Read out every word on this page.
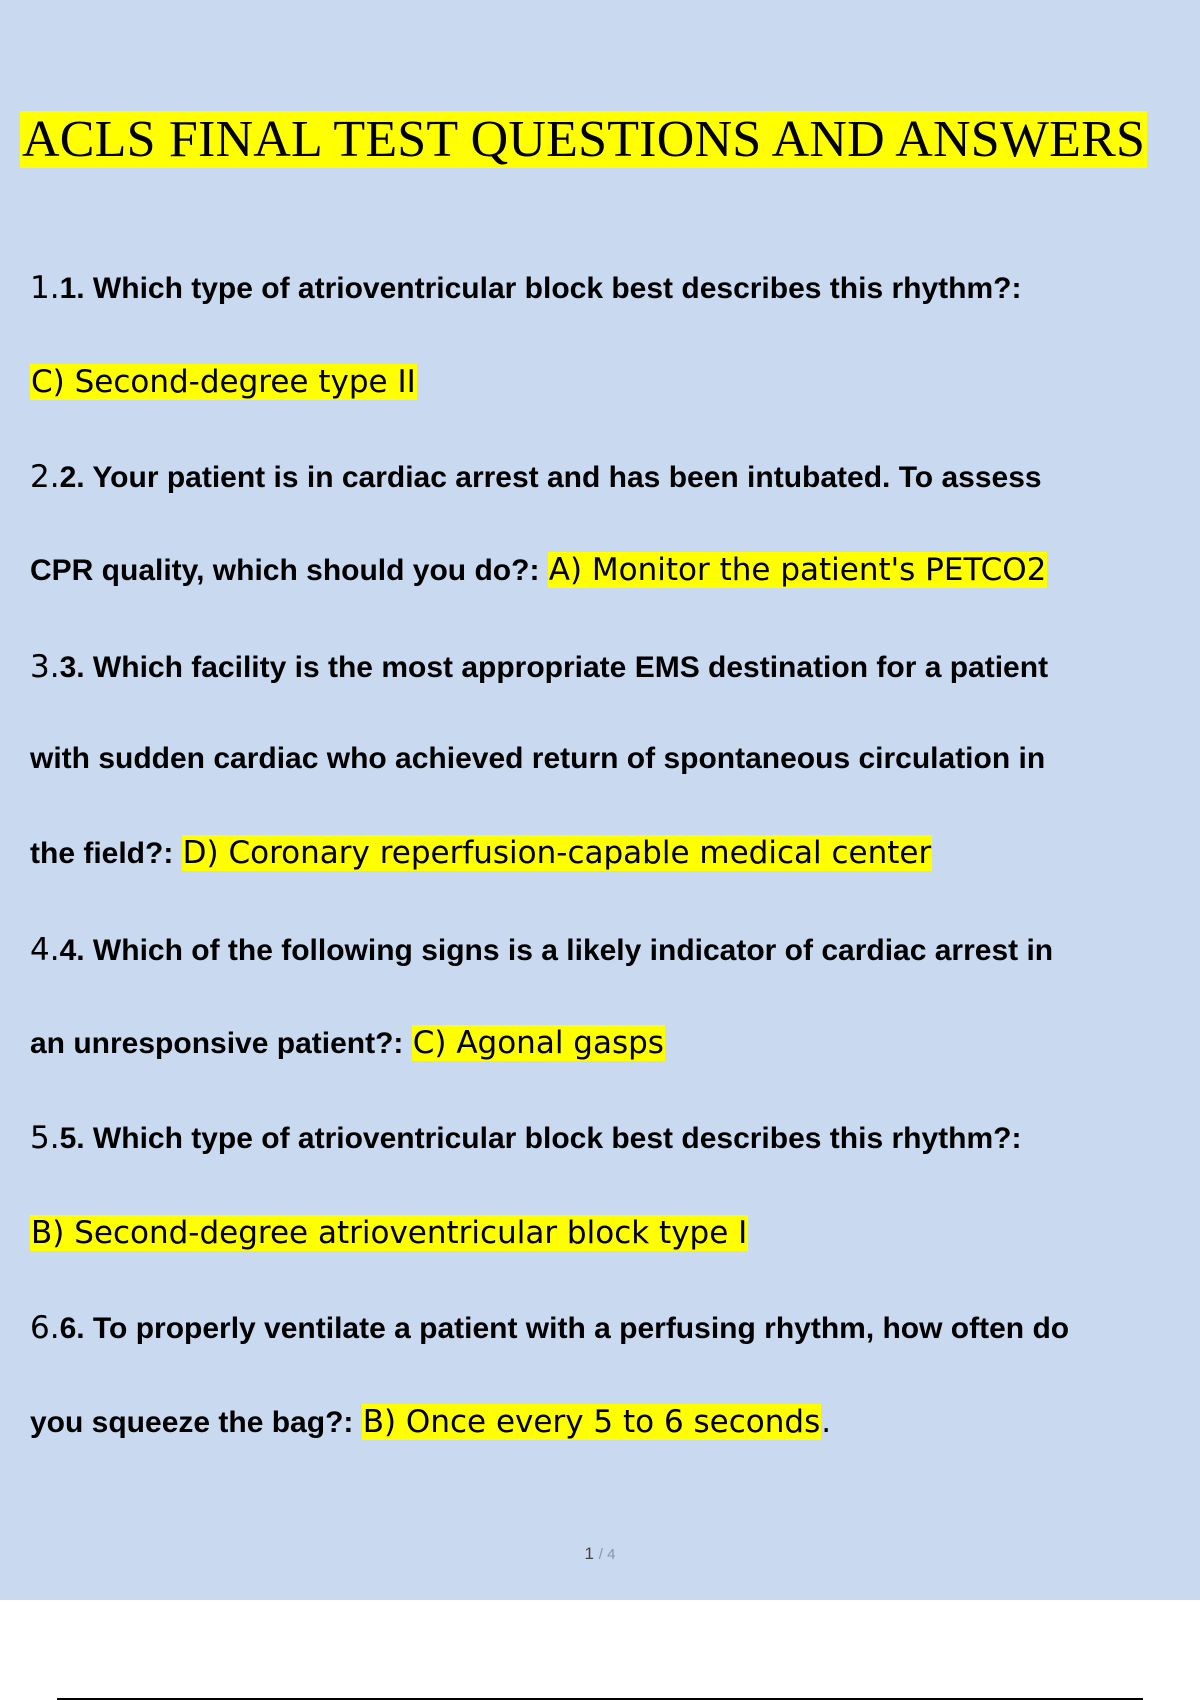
ACLS FINAL TEST QUESTIONS AND ANSWERS
1.1. Which type of atrioventricular block best describes this rhythm?:
C) Second-degree type II
2.2. Your patient is in cardiac arrest and has been intubated. To assess
CPR quality, which should you do?: A) Monitor the patient's PETCO2
3.3. Which facility is the most appropriate EMS destination for a patient
with sudden cardiac who achieved return of spontaneous circulation in
the field?: D) Coronary reperfusion-capable medical center
4.4. Which of the following signs is a likely indicator of cardiac arrest in
an unresponsive patient?: C) Agonal gasps
5.5. Which type of atrioventricular block best describes this rhythm?:
B) Second-degree atrioventricular block type I
6.6. To properly ventilate a patient with a perfusing rhythm, how often do
you squeeze the bag?: B) Once every 5 to 6 seconds.
1 / 4
